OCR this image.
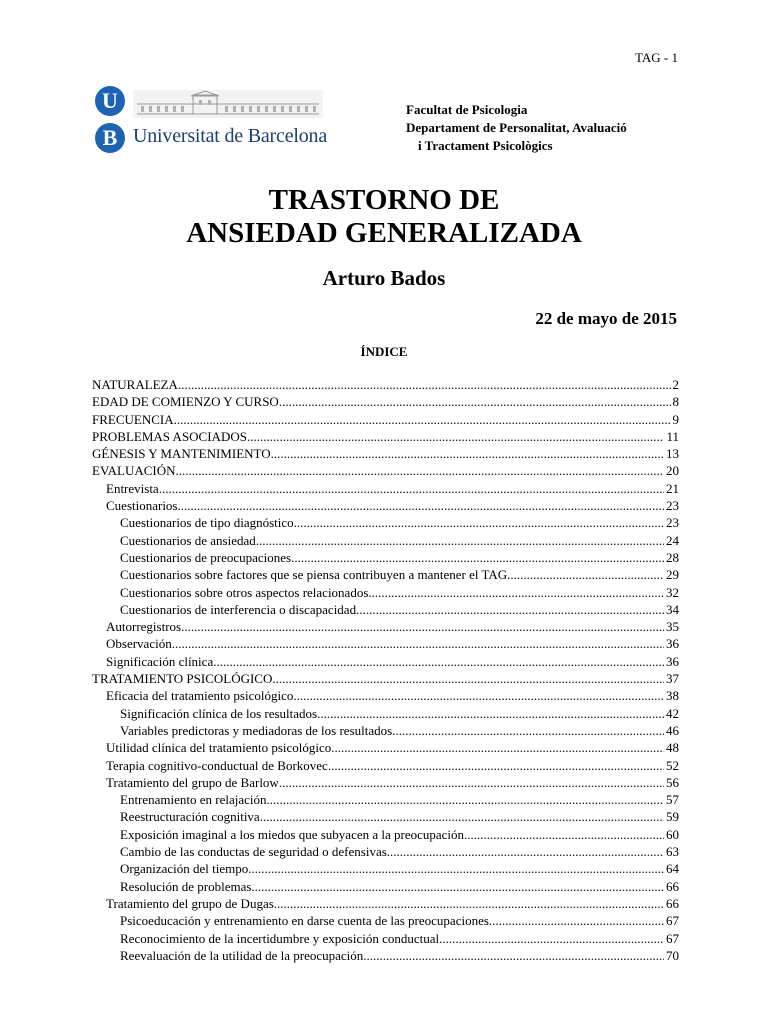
TAG - 1
U
B Universitat de Barcelona
Facultat de Psicologia
Departament de Personalitat, Avaluació

i Tractament Psicològics
TRASTORNO DE
ANSIEDAD GENERALIZADA
Arturo Bados
22 de mayo de 2015
ÍNDICE
NATURALEZA .....	2
EDAD DE COMIENZO Y CURSO .....	8
FRECUENCIA .....	9
PROBLEMAS ASOCIADOS .....	11
GÉNESIS Y MANTENIMIENTO .....	13
EVALUACIÓN .....	20
Entrevista .....	21
Cuestionarios .....	23
Cuestionarios de tipo diagnóstico .....	23
Cuestionarios de ansiedad .....	24
Cuestionarios de preocupaciones .....	28
Cuestionarios sobre factores que se piensa contribuyen a mantener el TAG .....	29
Cuestionarios sobre otros aspectos relacionados .....	32
Cuestionarios de interferencia o discapacidad .....	34
Autorregistros .....	35
Observación .....	36
Significación clínica .....	36
TRATAMIENTO PSICOLÓGICO .....	37
Eficacia del tratamiento psicológico .....	38
Significación clínica de los resultados .....	42
Variables predictoras y mediadoras de los resultados .....	46
Utilidad clínica del tratamiento psicológico .....	48
Terapia cognitivo-conductual de Borkovec .....	52
Tratamiento del grupo de Barlow .....	56
Entrenamiento en relajación .....	57
Reestructuración cognitiva .....	59
Exposición imaginal a los miedos que subyacen a la preocupación .....	60
Cambio de las conductas de seguridad o defensivas .....	63
Organización del tiempo .....	64
Resolución de problemas .....	66
Tratamiento del grupo de Dugas .....	66
Psicoeducación y entrenamiento en darse cuenta de las preocupaciones .....	67
Reconocimiento de la incertidumbre y exposición conductual .....	67
Reevaluación de la utilidad de la preocupación .....	70
